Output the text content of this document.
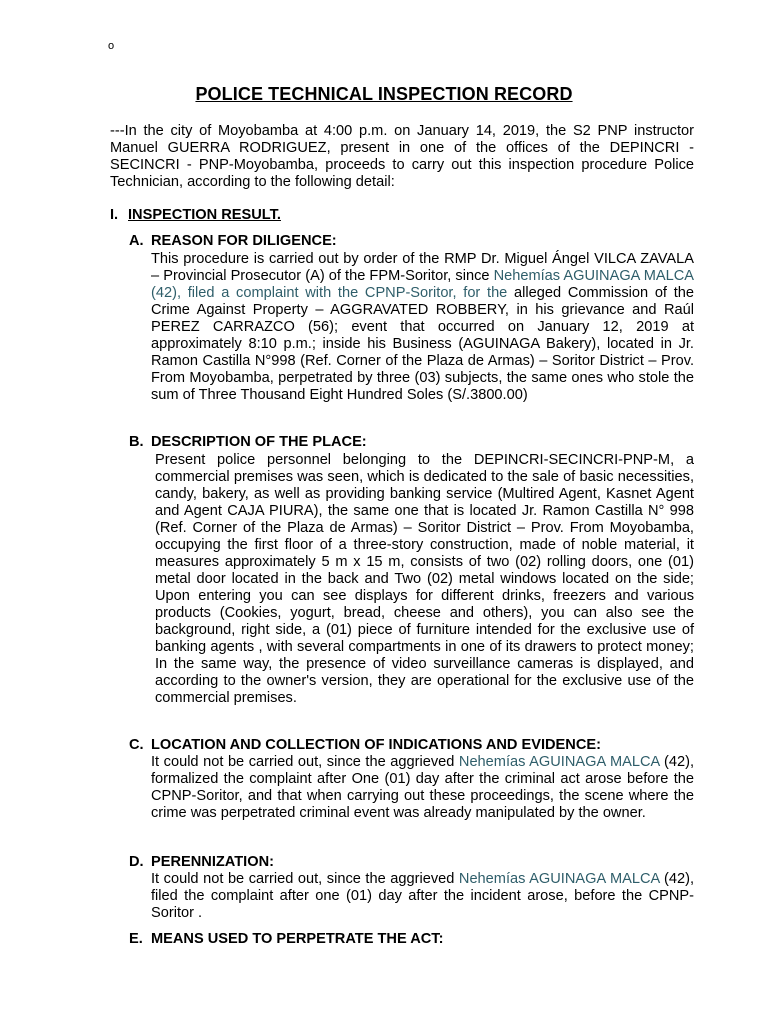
o
POLICE TECHNICAL INSPECTION RECORD
---In the city of Moyobamba at 4:00 p.m. on January 14, 2019, the S2 PNP instructor Manuel GUERRA RODRIGUEZ, present in one of the offices of the DEPINCRI - SECINCRI - PNP-Moyobamba, proceeds to carry out this inspection procedure Police Technician, according to the following detail:
I. INSPECTION RESULT.
A. REASON FOR DILIGENCE:
This procedure is carried out by order of the RMP Dr. Miguel Ángel VILCA ZAVALA – Provincial Prosecutor (A) of the FPM-Soritor, since Nehemías AGUINAGA MALCA (42), filed a complaint with the CPNP-Soritor, for the alleged Commission of the Crime Against Property – AGGRAVATED ROBBERY, in his grievance and Raúl PEREZ CARRAZCO (56); event that occurred on January 12, 2019 at approximately 8:10 p.m.; inside his Business (AGUINAGA Bakery), located in Jr. Ramon Castilla N°998 (Ref. Corner of the Plaza de Armas) – Soritor District – Prov. From Moyobamba, perpetrated by three (03) subjects, the same ones who stole the sum of Three Thousand Eight Hundred Soles (S/.3800.00)
B. DESCRIPTION OF THE PLACE:
Present police personnel belonging to the DEPINCRI-SECINCRI-PNP-M, a commercial premises was seen, which is dedicated to the sale of basic necessities, candy, bakery, as well as providing banking service (Multired Agent, Kasnet Agent and Agent CAJA PIURA), the same one that is located Jr. Ramon Castilla N° 998 (Ref. Corner of the Plaza de Armas) – Soritor District – Prov. From Moyobamba, occupying the first floor of a three-story construction, made of noble material, it measures approximately 5 m x 15 m, consists of two (02) rolling doors, one (01) metal door located in the back and Two (02) metal windows located on the side; Upon entering you can see displays for different drinks, freezers and various products (Cookies, yogurt, bread, cheese and others), you can also see the background, right side, a (01) piece of furniture intended for the exclusive use of banking agents , with several compartments in one of its drawers to protect money; In the same way, the presence of video surveillance cameras is displayed, and according to the owner's version, they are operational for the exclusive use of the commercial premises.
C. LOCATION AND COLLECTION OF INDICATIONS AND EVIDENCE:
It could not be carried out, since the aggrieved Nehemías AGUINAGA MALCA (42), formalized the complaint after One (01) day after the criminal act arose before the CPNP-Soritor, and that when carrying out these proceedings, the scene where the crime was perpetrated criminal event was already manipulated by the owner.
D. PERENNIZATION:
It could not be carried out, since the aggrieved Nehemías AGUINAGA MALCA (42), filed the complaint after one (01) day after the incident arose, before the CPNP-Soritor .
E. MEANS USED TO PERPETRATE THE ACT:
